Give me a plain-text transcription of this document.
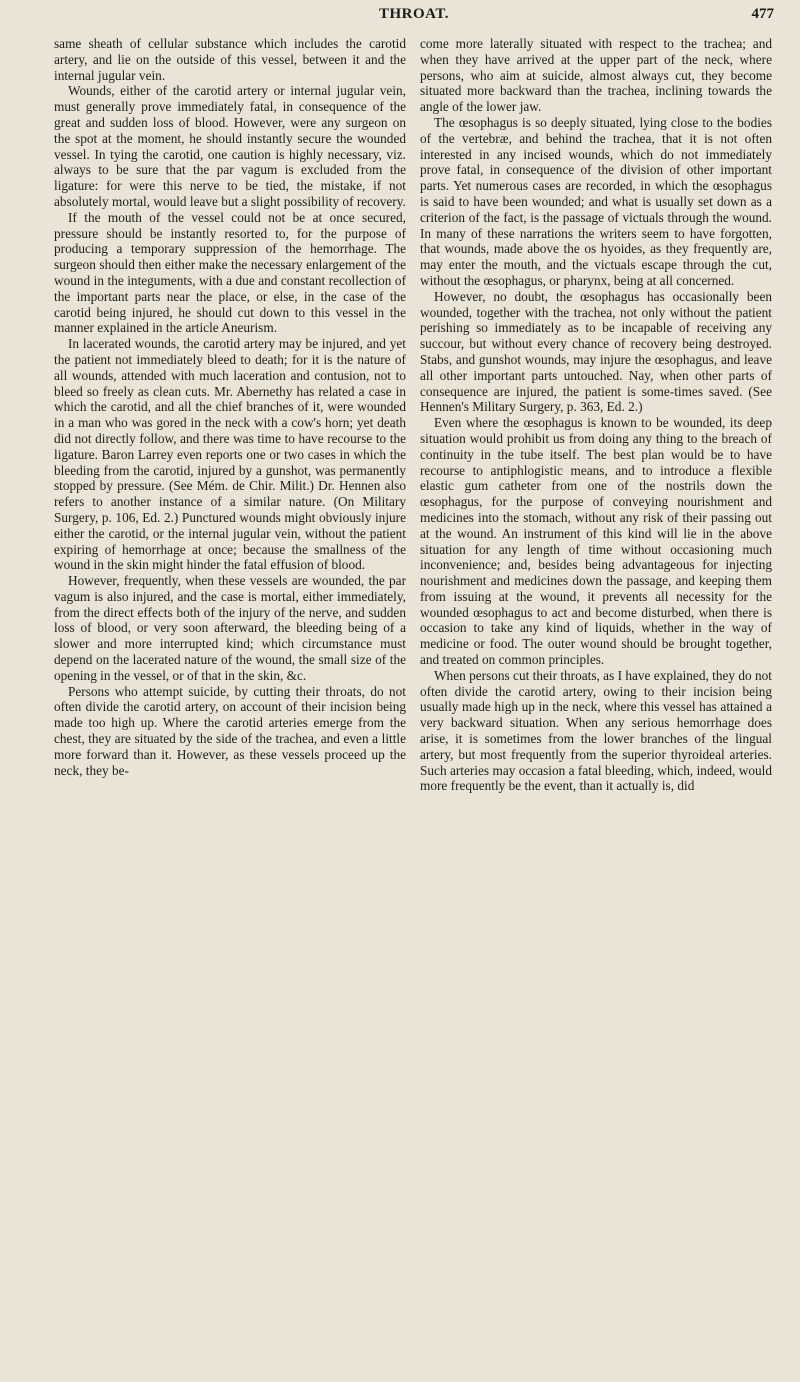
THROAT.	477

same sheath of cellular substance which includes the carotid artery, and lie on the outside of this vessel, between it and the internal jugular vein.

Wounds, either of the carotid artery or internal jugular vein, must generally prove immediately fatal, in consequence of the great and sudden loss of blood. However, were any surgeon on the spot at the moment, he should instantly secure the wounded vessel. In tying the carotid, one caution is highly necessary, viz. always to be sure that the par vagum is excluded from the ligature: for were this nerve to be tied, the mistake, if not absolutely mortal, would leave but a slight possibility of recovery.

If the mouth of the vessel could not be at once secured, pressure should be instantly resorted to, for the purpose of producing a temporary suppression of the hemorrhage. The surgeon should then either make the necessary enlargement of the wound in the integuments, with a due and constant recollection of the important parts near the place, or else, in the case of the carotid being injured, he should cut down to this vessel in the manner explained in the article Aneurism.

In lacerated wounds, the carotid artery may be injured, and yet the patient not immediately bleed to death; for it is the nature of all wounds, attended with much laceration and contusion, not to bleed so freely as clean cuts. Mr. Abernethy has related a case in which the carotid, and all the chief branches of it, were wounded in a man who was gored in the neck with a cow's horn; yet death did not directly follow, and there was time to have recourse to the ligature. Baron Larrey even reports one or two cases in which the bleeding from the carotid, injured by a gunshot, was permanently stopped by pressure. (See Mém. de Chir. Milit.) Dr. Hennen also refers to another instance of a similar nature. (On Military Surgery, p. 106, Ed. 2.) Punctured wounds might obviously injure either the carotid, or the internal jugular vein, without the patient expiring of hemorrhage at once; because the smallness of the wound in the skin might hinder the fatal effusion of blood.

However, frequently, when these vessels are wounded, the par vagum is also injured, and the case is mortal, either immediately, from the direct effects both of the injury of the nerve, and sudden loss of blood, or very soon afterward, the bleeding being of a slower and more interrupted kind; which circumstance must depend on the lacerated nature of the wound, the small size of the opening in the vessel, or of that in the skin, &c.

Persons who attempt suicide, by cutting their throats, do not often divide the carotid artery, on account of their incision being made too high up. Where the carotid arteries emerge from the chest, they are situated by the side of the trachea, and even a little more forward than it. However, as these vessels proceed up the neck, they be-

come more laterally situated with respect to the trachea; and when they have arrived at the upper part of the neck, where persons, who aim at suicide, almost always cut, they become situated more backward than the trachea, inclining towards the angle of the lower jaw.

The œsophagus is so deeply situated, lying close to the bodies of the vertebræ, and behind the trachea, that it is not often interested in any incised wounds, which do not immediately prove fatal, in consequence of the division of other important parts. Yet numerous cases are recorded, in which the œsophagus is said to have been wounded; and what is usually set down as a criterion of the fact, is the passage of victuals through the wound. In many of these narrations the writers seem to have forgotten, that wounds, made above the os hyoides, as they frequently are, may enter the mouth, and the victuals escape through the cut, without the œsophagus, or pharynx, being at all concerned.

However, no doubt, the œsophagus has occasionally been wounded, together with the trachea, not only without the patient perishing so immediately as to be incapable of receiving any succour, but without every chance of recovery being destroyed. Stabs, and gunshot wounds, may injure the œsophagus, and leave all other important parts untouched. Nay, when other parts of consequence are injured, the patient is some-times saved. (See Hennen's Military Surgery, p. 363, Ed. 2.)

Even where the œsophagus is known to be wounded, its deep situation would prohibit us from doing any thing to the breach of continuity in the tube itself. The best plan would be to have recourse to antiphlogistic means, and to introduce a flexible elastic gum catheter from one of the nostrils down the œsophagus, for the purpose of conveying nourishment and medicines into the stomach, without any risk of their passing out at the wound. An instrument of this kind will lie in the above situation for any length of time without occasioning much inconvenience; and, besides being advantageous for injecting nourishment and medicines down the passage, and keeping them from issuing at the wound, it prevents all necessity for the wounded œsophagus to act and become disturbed, when there is occasion to take any kind of liquids, whether in the way of medicine or food. The outer wound should be brought together, and treated on common principles.

When persons cut their throats, as I have explained, they do not often divide the carotid artery, owing to their incision being usually made high up in the neck, where this vessel has attained a very backward situation. When any serious hemorrhage does arise, it is sometimes from the lower branches of the lingual artery, but most frequently from the superior thyroideal arteries. Such arteries may occasion a fatal bleeding, which, indeed, would more frequently be the event, than it actually is, did
